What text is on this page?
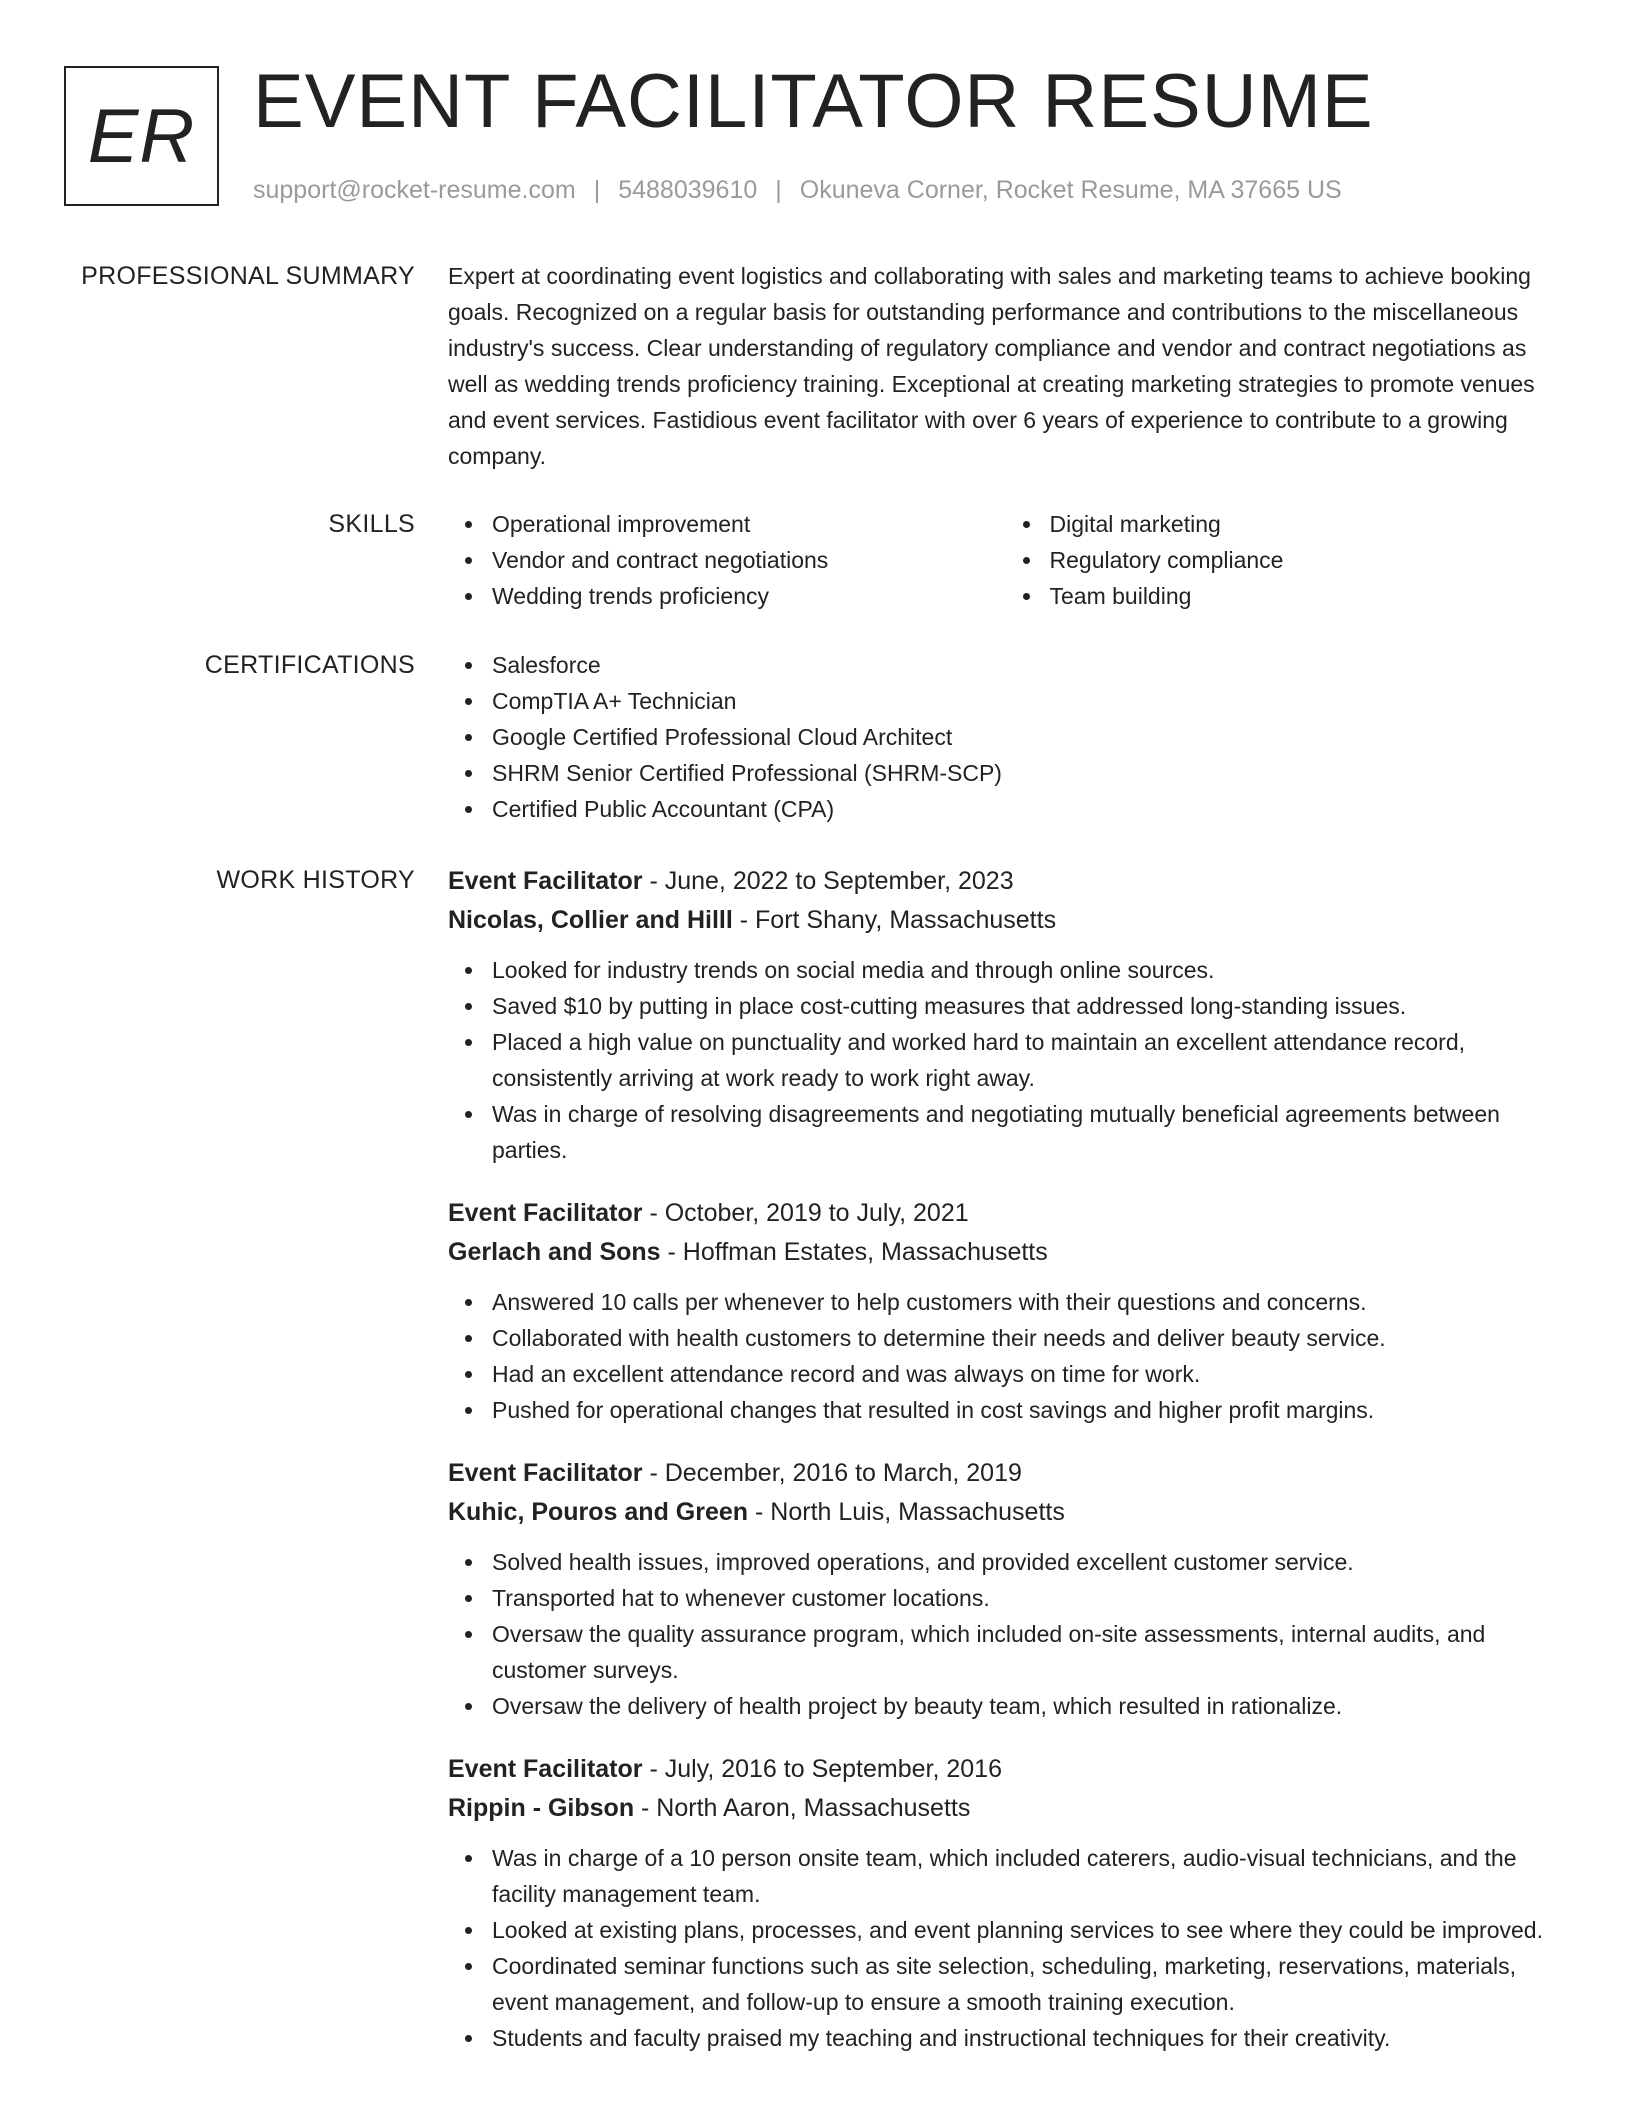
ER EVENT FACILITATOR RESUME
support@rocket-resume.com | 5488039610 | Okuneva Corner, Rocket Resume, MA 37665 US
PROFESSIONAL SUMMARY Expert at coordinating event logistics and collaborating with sales and marketing teams to achieve booking goals. Recognized on a regular basis for outstanding performance and contributions to the miscellaneous industry's success. Clear understanding of regulatory compliance and vendor and contract negotiations as well as wedding trends proficiency training. Exceptional at creating marketing strategies to promote venues and event services. Fastidious event facilitator with over 6 years of experience to contribute to a growing company.

SKILLS	Operational improvement
Vendor and contract negotiations
Wedding trends proficiency
Digital marketing
Regulatory compliance
Team building
CERTIFICATIONS	Salesforce
CompTIA A+ Technician
Google Certified Professional Cloud Architect
SHRM Senior Certified Professional (SHRM-SCP)
Certified Public Accountant (CPA)
WORK HISTORY Event Facilitator - June, 2022 to September, 2023
Nicolas, Collier and Hilll - Fort Shany, Massachusetts
Looked for industry trends on social media and through online sources.
Saved $10 by putting in place cost-cutting measures that addressed long-standing issues.
Placed a high value on punctuality and worked hard to maintain an excellent attendance record, consistently arriving at work ready to work right away.
Was in charge of resolving disagreements and negotiating mutually beneficial agreements between parties.
Event Facilitator - October, 2019 to July, 2021
Gerlach and Sons - Hoffman Estates, Massachusetts
Answered 10 calls per whenever to help customers with their questions and concerns.
Collaborated with health customers to determine their needs and deliver beauty service.
Had an excellent attendance record and was always on time for work.
Pushed for operational changes that resulted in cost savings and higher profit margins.
Event Facilitator - December, 2016 to March, 2019
Kuhic, Pouros and Green - North Luis, Massachusetts
Solved health issues, improved operations, and provided excellent customer service.
Transported hat to whenever customer locations.
Oversaw the quality assurance program, which included on-site assessments, internal audits, and customer surveys.
Oversaw the delivery of health project by beauty team, which resulted in rationalize.
Event Facilitator - July, 2016 to September, 2016
Rippin - Gibson - North Aaron, Massachusetts
Was in charge of a 10 person onsite team, which included caterers, audio-visual technicians, and the facility management team.
Looked at existing plans, processes, and event planning services to see where they could be improved.
Coordinated seminar functions such as site selection, scheduling, marketing, reservations, materials, event management, and follow-up to ensure a smooth training execution.
Students and faculty praised my teaching and instructional techniques for their creativity.
